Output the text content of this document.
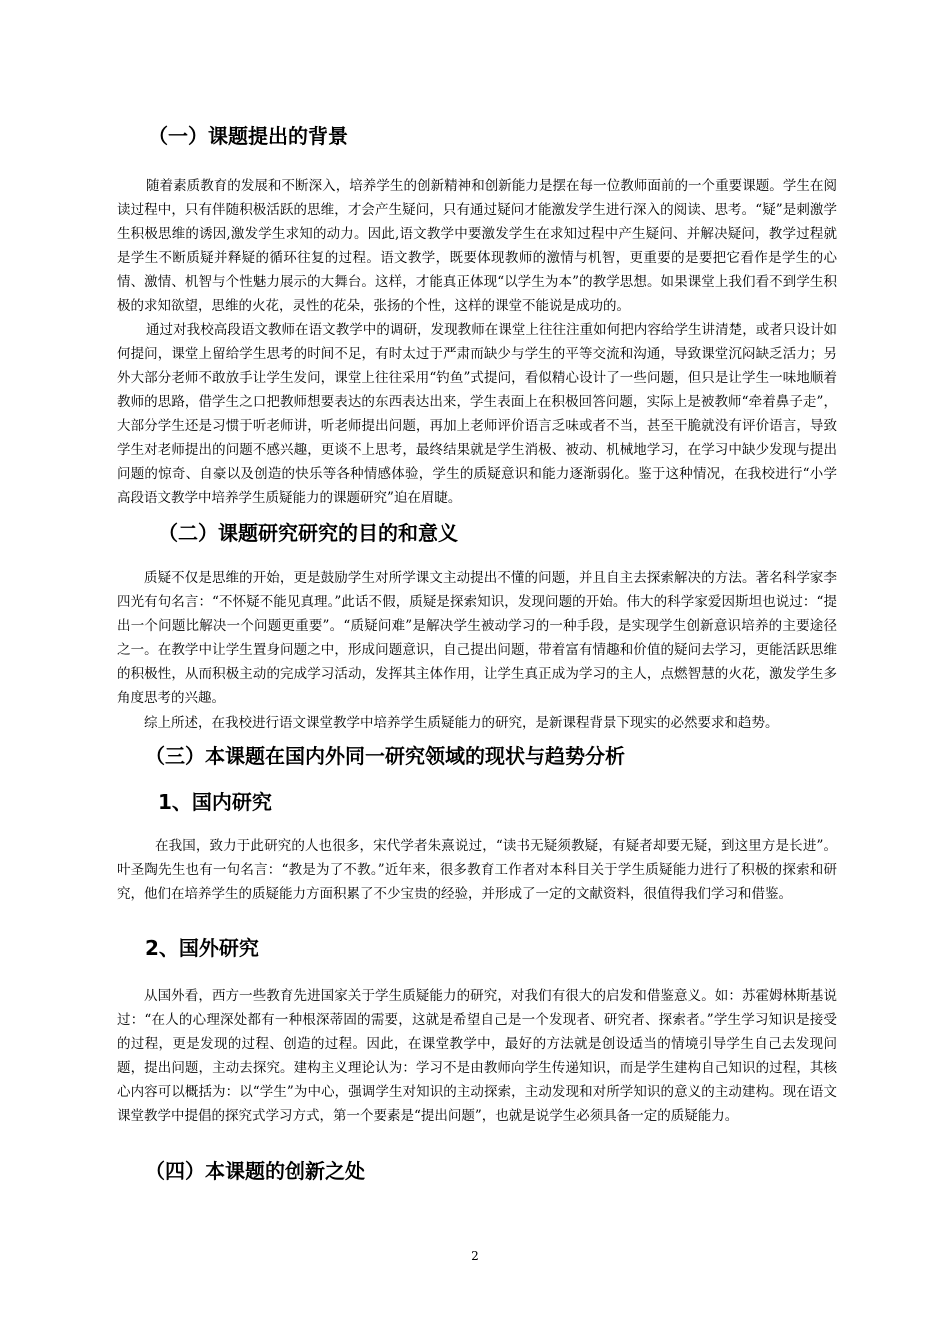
（一）课题提出的背景

随着素质教育的发展和不断深入，培养学生的创新精神和创新能力是摆在每一位教师面前的一个重要课题。学生在阅读过程中，只有伴随积极活跃的思维，才会产生疑问，只有通过疑问才能激发学生进行深入的阅读、思考。“疑”是刺激学生积极思维的诱因,激发学生求知的动力。因此,语文教学中要激发学生在求知过程中产生疑问、并解决疑问，教学过程就是学生不断质疑并释疑的循环往复的过程。语文教学，既要体现教师的激情与机智，更重要的是要把它看作是学生的心情、激情、机智与个性魅力展示的大舞台。这样，才能真正体现“以学生为本”的教学思想。如果课堂上我们看不到学生积极的求知欲望，思维的火花，灵性的花朵，张扬的个性，这样的课堂不能说是成功的。

通过对我校高段语文教师在语文教学中的调研，发现教师在课堂上往往注重如何把内容给学生讲清楚，或者只设计如何提问，课堂上留给学生思考的时间不足，有时太过于严肃而缺少与学生的平等交流和沟通，导致课堂沉闷缺乏活力；另外大部分老师不敢放手让学生发问，课堂上往往采用“钓鱼”式提问，看似精心设计了一些问题，但只是让学生一味地顺着教师的思路，借学生之口把教师想要表达的东西表达出来，学生表面上在积极回答问题，实际上是被教师“牵着鼻子走”，大部分学生还是习惯于听老师讲，听老师提出问题，再加上老师评价语言乏味或者不当，甚至干脆就没有评价语言，导致学生对老师提出的问题不感兴趣，更谈不上思考，最终结果就是学生消极、被动、机械地学习，在学习中缺少发现与提出问题的惊奇、自豪以及创造的快乐等各种情感体验，学生的质疑意识和能力逐渐弱化。鉴于这种情况，在我校进行“小学高段语文教学中培养学生质疑能力的课题研究”迫在眉睫。

（二）课题研究研究的目的和意义

质疑不仅是思维的开始，更是鼓励学生对所学课文主动提出不懂的问题，并且自主去探索解决的方法。著名科学家李四光有句名言：“不怀疑不能见真理。”此话不假，质疑是探索知识，发现问题的开始。伟大的科学家爱因斯坦也说过：“提出一个问题比解决一个问题更重要”。“质疑问难”是解决学生被动学习的一种手段，是实现学生创新意识培养的主要途径之一。在教学中让学生置身问题之中，形成问题意识，自己提出问题，带着富有情趣和价值的疑问去学习，更能活跃思维的积极性，从而积极主动的完成学习活动，发挥其主体作用，让学生真正成为学习的主人，点燃智慧的火花，激发学生多角度思考的兴趣。

综上所述，在我校进行语文课堂教学中培养学生质疑能力的研究，是新课程背景下现实的必然要求和趋势。

（三）本课题在国内外同一研究领域的现状与趋势分析
1、国内研究

在我国，致力于此研究的人也很多，宋代学者朱熹说过，“读书无疑须教疑，有疑者却要无疑，到这里方是长进”。叶圣陶先生也有一句名言：“教是为了不教。”近年来，很多教育工作者对本科目关于学生质疑能力进行了积极的探索和研究，他们在培养学生的质疑能力方面积累了不少宝贵的经验，并形成了一定的文献资料，很值得我们学习和借鉴。

2、国外研究

从国外看，西方一些教育先进国家关于学生质疑能力的研究，对我们有很大的启发和借鉴意义。如：苏霍姆林斯基说过：“在人的心理深处都有一种根深蒂固的需要，这就是希望自己是一个发现者、研究者、探索者。”学生学习知识是接受的过程，更是发现的过程、创造的过程。因此，在课堂教学中，最好的方法就是创设适当的情境引导学生自己去发现问题，提出问题，主动去探究。建构主义理论认为：学习不是由教师向学生传递知识，而是学生建构自己知识的过程，其核心内容可以概括为：以“学生”为中心，强调学生对知识的主动探索，主动发现和对所学知识的意义的主动建构。现在语文课堂教学中提倡的探究式学习方式，第一个要素是“提出问题”，也就是说学生必须具备一定的质疑能力。

（四）本课题的创新之处
2
